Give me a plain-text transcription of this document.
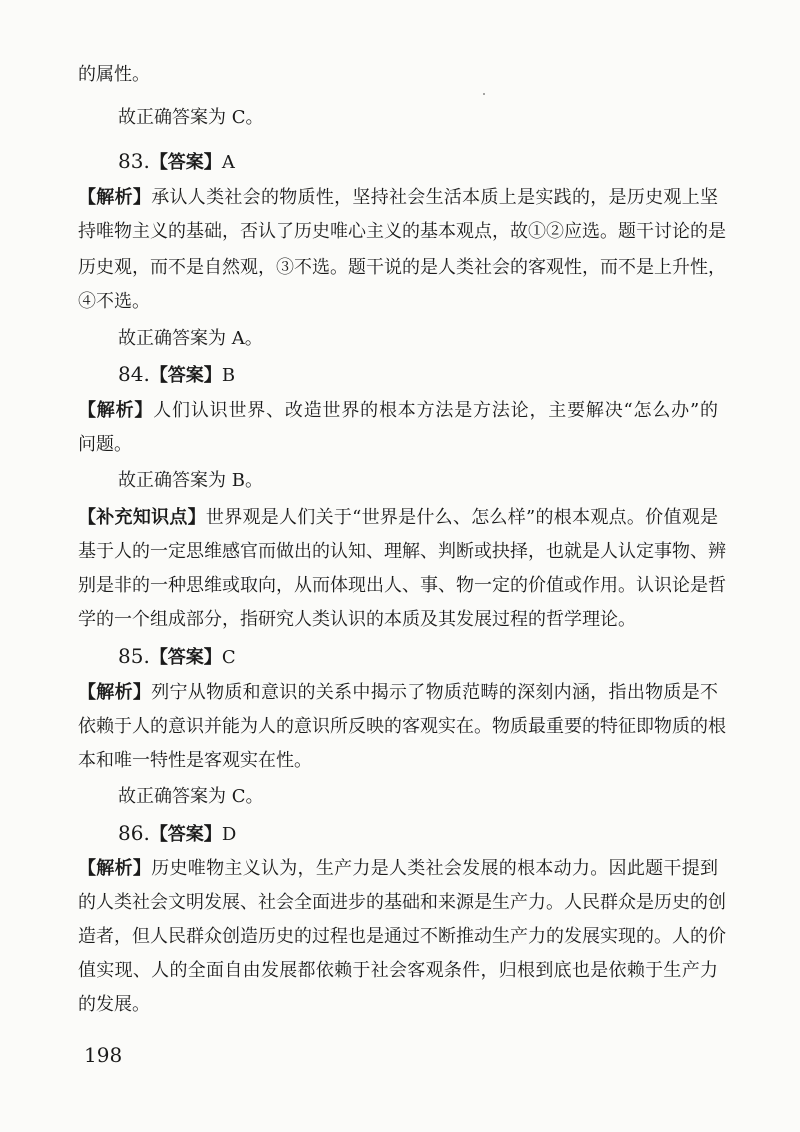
的属性。
故正确答案为 C。
83.【答案】A
【解析】承认人类社会的物质性，坚持社会生活本质上是实践的，是历史观上坚
持唯物主义的基础，否认了历史唯心主义的基本观点，故①②应选。题干讨论的是
历史观，而不是自然观，③不选。题干说的是人类社会的客观性，而不是上升性，
④不选。
故正确答案为 A。
84.【答案】B
【解析】人们认识世界、改造世界的根本方法是方法论，主要解决“怎么办”的
问题。
故正确答案为 B。
【补充知识点】世界观是人们关于“世界是什么、怎么样”的根本观点。价值观是
基于人的一定思维感官而做出的认知、理解、判断或抉择，也就是人认定事物、辨
别是非的一种思维或取向，从而体现出人、事、物一定的价值或作用。认识论是哲
学的一个组成部分，指研究人类认识的本质及其发展过程的哲学理论。
85.【答案】C
【解析】列宁从物质和意识的关系中揭示了物质范畴的深刻内涵，指出物质是不
依赖于人的意识并能为人的意识所反映的客观实在。物质最重要的特征即物质的根
本和唯一特性是客观实在性。
故正确答案为 C。
86.【答案】D
【解析】历史唯物主义认为，生产力是人类社会发展的根本动力。因此题干提到
的人类社会文明发展、社会全面进步的基础和来源是生产力。人民群众是历史的创
造者，但人民群众创造历史的过程也是通过不断推动生产力的发展实现的。人的价
值实现、人的全面自由发展都依赖于社会客观条件，归根到底也是依赖于生产力
的发展。
198
